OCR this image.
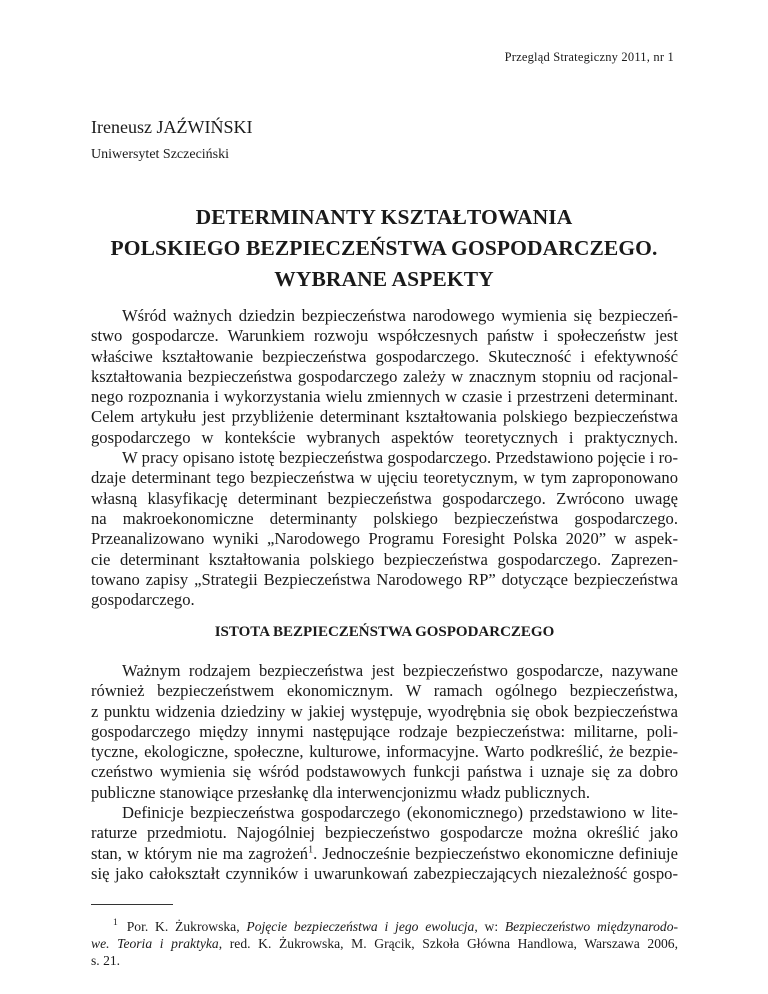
Przegląd Strategiczny 2011, nr 1
Ireneusz JAŹWIŃSKI
Uniwersytet Szczeciński
DETERMINANTY KSZTAŁTOWANIA
POLSKIEGO BEZPIECZEŃSTWA GOSPODARCZEGO.
WYBRANE ASPEKTY
Wśród ważnych dziedzin bezpieczeństwa narodowego wymienia się bezpieczeń-
stwo gospodarcze. Warunkiem rozwoju współczesnych państw i społeczeństw jest
właściwe kształtowanie bezpieczeństwa gospodarczego. Skuteczność i efektywność
kształtowania bezpieczeństwa gospodarczego zależy w znacznym stopniu od racjonal-
nego rozpoznania i wykorzystania wielu zmiennych w czasie i przestrzeni determinant.
Celem artykułu jest przybliżenie determinant kształtowania polskiego bezpieczeństwa
gospodarczego w kontekście wybranych aspektów teoretycznych i praktycznych.
W pracy opisano istotę bezpieczeństwa gospodarczego. Przedstawiono pojęcie i ro-
dzaje determinant tego bezpieczeństwa w ujęciu teoretycznym, w tym zaproponowano
własną klasyfikację determinant bezpieczeństwa gospodarczego. Zwrócono uwagę
na makroekonomiczne determinanty polskiego bezpieczeństwa gospodarczego.
Przeanalizowano wyniki „Narodowego Programu Foresight Polska 2020” w aspek-
cie determinant kształtowania polskiego bezpieczeństwa gospodarczego. Zaprezen-
towano zapisy „Strategii Bezpieczeństwa Narodowego RP” dotyczące bezpieczeństwa
gospodarczego.
ISTOTA BEZPIECZEŃSTWA GOSPODARCZEGO
Ważnym rodzajem bezpieczeństwa jest bezpieczeństwo gospodarcze, nazywane
również bezpieczeństwem ekonomicznym. W ramach ogólnego bezpieczeństwa,
z punktu widzenia dziedziny w jakiej występuje, wyodrębnia się obok bezpieczeństwa
gospodarczego między innymi następujące rodzaje bezpieczeństwa: militarne, poli-
tyczne, ekologiczne, społeczne, kulturowe, informacyjne. Warto podkreślić, że bezpie-
czeństwo wymienia się wśród podstawowych funkcji państwa i uznaje się za dobro
publiczne stanowiące przesłankę dla interwencjonizmu władz publicznych.
Definicje bezpieczeństwa gospodarczego (ekonomicznego) przedstawiono w lite-
raturze przedmiotu. Najogólniej bezpieczeństwo gospodarcze można określić jako
stan, w którym nie ma zagrożeń$^1$. Jednocześnie bezpieczeństwo ekonomiczne definiuje
się jako całokształt czynników i uwarunkowań zabezpieczających niezależność gospo-
$^1$ Por. K. Żukrowska, Pojęcie bezpieczeństwa i jego ewolucja, w: Bezpieczeństwo międzynarodo-
we. Teoria i praktyka, red. K. Żukrowska, M. Grącik, Szkoła Główna Handlowa, Warszawa 2006,
s. 21.
